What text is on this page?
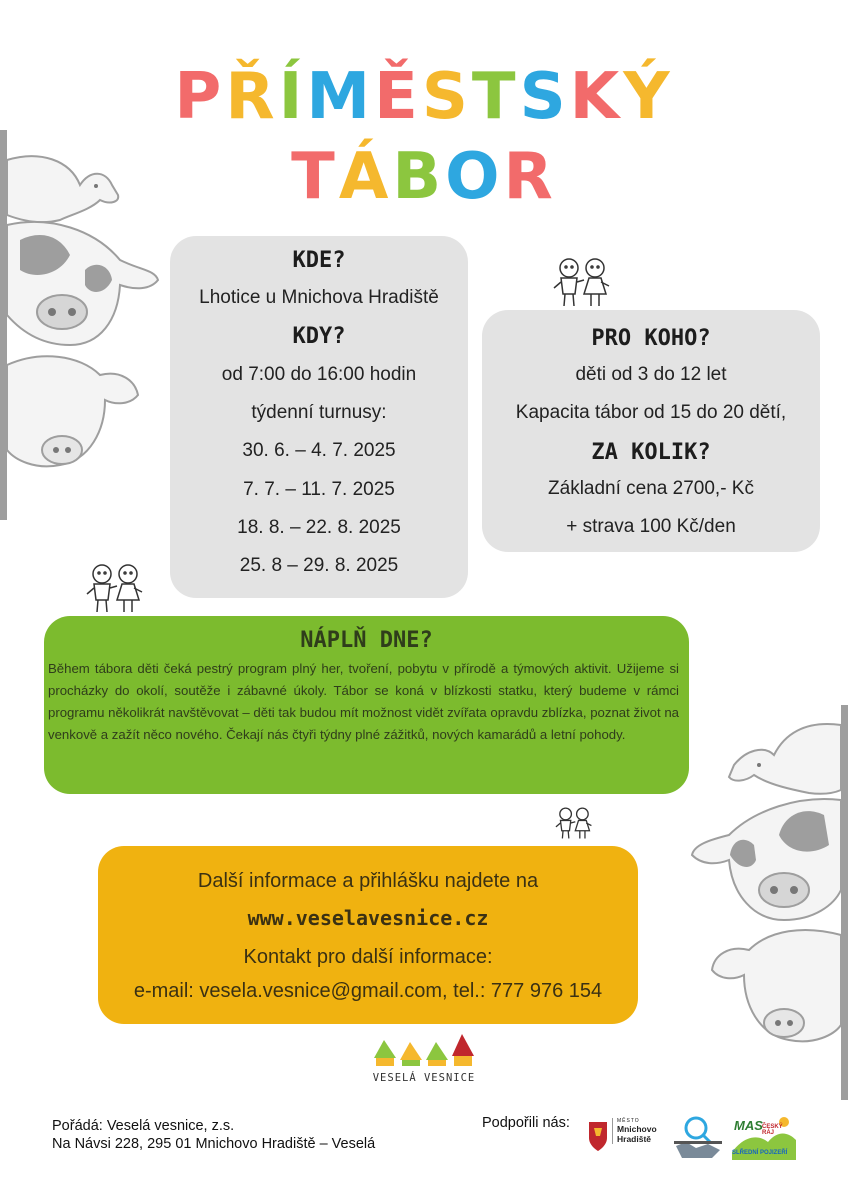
PŘÍMĚSTSKÝ
TÁBOR
KDE?
Lhotice u Mnichova Hradiště
KDY?
od 7:00 do 16:00 hodin
týdenní turnusy:
30. 6. – 4. 7. 2025
7. 7. – 11. 7. 2025
18. 8. – 22. 8. 2025
25. 8 – 29. 8. 2025
PRO KOHO?
děti od 3 do 12 let
Kapacita tábor od 15 do 20 dětí,
ZA KOLIK?
Základní cena 2700,- Kč
+ strava 100 Kč/den
NÁPLŇ DNE?
Během tábora děti čeká pestrý program plný her, tvoření, pobytu v přírodě a týmových aktivit. Užijeme si procházky do okolí, soutěže i zábavné úkoly. Tábor se koná v blízkosti statku, který budeme v rámci programu několikrát navštěvovat – děti tak budou mít možnost vidět zvířata opravdu zblízka, poznat život na venkově a zažít něco nového. Čekají nás čtyři týdny plné zážitků, nových kamarádů a letní pohody.
Další informace a přihlášku najdete na
www.veselavesnice.cz
Kontakt pro další informace:
e-mail: vesela.vesnice@gmail.com, tel.: 777 976 154
VESELÁ VESNICE
Pořádá: Veselá vesnice, z.s.
Na Návsi 228, 295 01 Mnichovo Hradiště – Veselá
Podpořili nás:	MĚSTO
Mnichovo
Hradiště
MAS ČESKÝ RÁJ
SLŘEDNÍ POJIZEŘÍ
